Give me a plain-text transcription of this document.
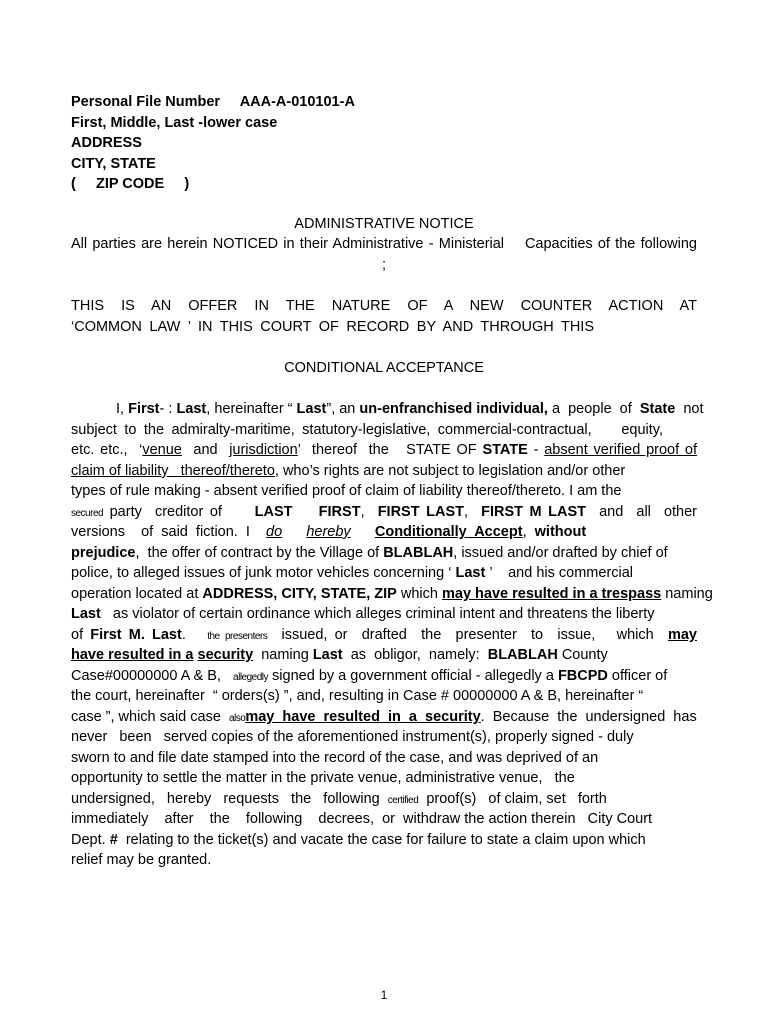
Personal File Number AAA-A-010101-A
First, Middle, Last -lower case
ADDRESS
CITY, STATE
(     ZIP CODE     )
ADMINISTRATIVE NOTICE
All parties are herein NOTICED in their Administrative - Ministerial    Capacities of the following
;
THIS IS AN OFFER IN THE NATURE OF A NEW COUNTER ACTION AT
‘COMMON LAW ’ IN THIS COURT OF RECORD BY AND THROUGH THIS
CONDITIONAL ACCEPTANCE
I, First- : Last, hereinafter “ Last”, an un-enfranchised individual, a  people  of  State  not
subject to the admiralty-maritime, statutory-legislative, commercial-contractual,    equity,
etc. etc.,  ‘venue  and  jurisdiction’  thereof  the   STATE OF STATE - absent verified proof of
claim of liability   thereof/thereto, who’s rights are not subject to legislation and/or other
types of rule making - absent verified proof of claim of liability thereof/thereto. I am the
secured party  creditor of     LAST    FIRST,  FIRST LAST,  FIRST M LAST  and  all  other
versions    of  said  fiction.  I    do hereby Conditionally  Accept,  without
prejudice,  the offer of contract by the Village of BLABLAH, issued and/or drafted by chief of
police, to alleged issues of junk motor vehicles concerning ‘ Last ’    and his commercial
operation located at ADDRESS, CITY, STATE, ZIP which may have resulted in a trespass naming
Last   as violator of certain ordinance which alleges criminal intent and threatens the liberty
of First M. Last.   the presenters  issued, or  drafted  the  presenter  to  issue,   which  may
have resulted in a security  naming Last  as  obligor,  namely:  BLABLAH County
Case#00000000 A & B,   allegedly signed by a government official - allegedly a FBCPD officer of
the court, hereinafter  “ orders(s) ”, and, resulting in Case # 00000000 A & B, hereinafter “
case ”, which said case  alsomay  have  resulted  in  a  security.  Because  the  undersigned  has
never   been   served copies of the aforementioned instrument(s), properly signed - duly
sworn to and file date stamped into the record of the case, and was deprived of an
opportunity to settle the matter in the private venue, administrative venue,   the
undersigned,   hereby   requests   the   following  certified  proof(s)   of claim, set   forth
immediately    after    the    following    decrees,  or  withdraw the action therein   City Court
Dept. #  relating to the ticket(s) and vacate the case for failure to state a claim upon which
relief may be granted.
1
